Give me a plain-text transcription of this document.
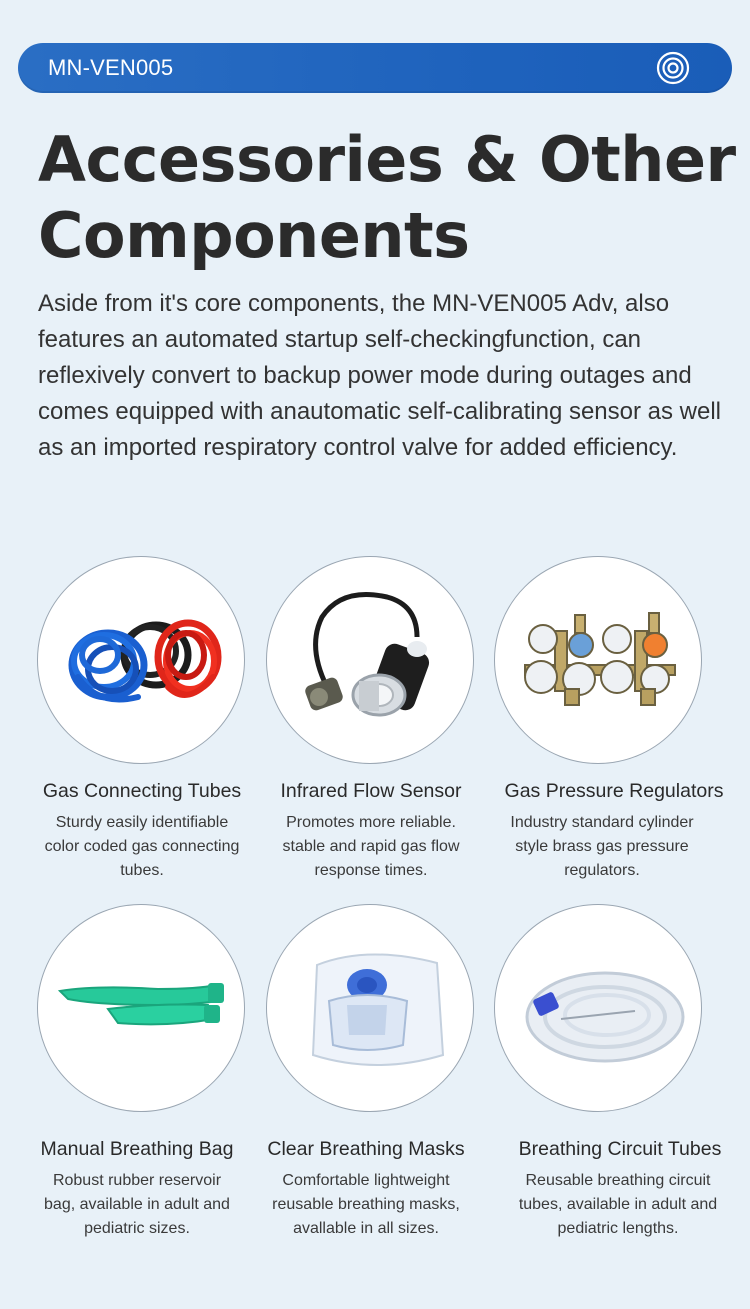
MN-VEN005
Accessories & Other
Components

Aside from it's core components, the MN-VEN005 Adv, also features an automated startup self-checkingfunction, can reflexively convert to backup power mode during outages and comes equipped with anautomatic self-calibrating sensor as well as an imported respiratory control valve for added efficiency.

Gas Connecting Tubes
Sturdy easily identifiable
color coded gas connecting
tubes.
Infrared Flow Sensor
Promotes more reliable.
stable and rapid gas flow
response times.
Gas Pressure Regulators
Industry standard cylinder
style brass gas pressure
regulators.
Manual Breathing Bag
Robust rubber reservoir
bag, available in adult and
pediatric sizes.
Clear Breathing Masks
Comfortable lightweight
reusable breathing masks,
avallable in all sizes.
Breathing Circuit Tubes
Reusable breathing circuit
tubes, available in adult and
pediatric lengths.
